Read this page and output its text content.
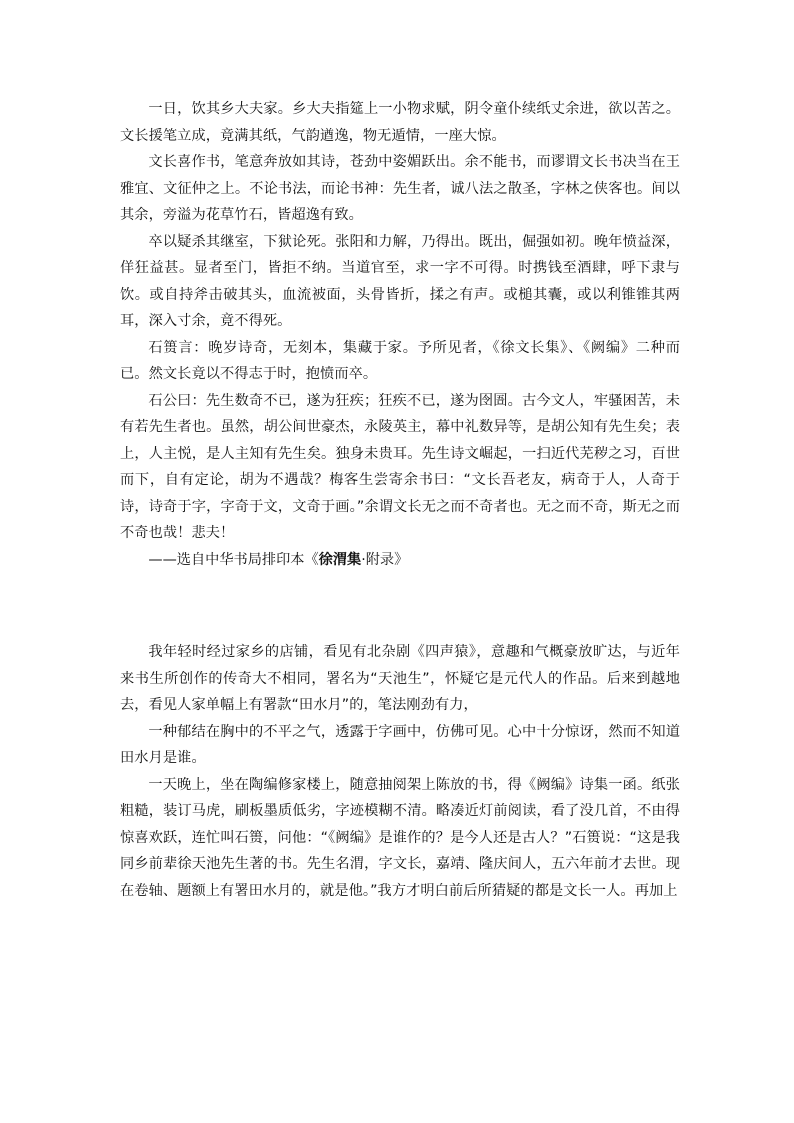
一日，饮其乡大夫家。乡大夫指筵上一小物求赋，阴令童仆续纸丈余进，欲以苦之。文长援笔立成，竟满其纸，气韵遒逸，物无遁情，一座大惊。

文长喜作书，笔意奔放如其诗，苍劲中姿媚跃出。余不能书，而谬谓文长书决当在王雅宜、文征仲之上。不论书法，而论书神：先生者，诚八法之散圣，字林之侠客也。间以其余，旁溢为花草竹石，皆超逸有致。

卒以疑杀其继室，下狱论死。张阳和力解，乃得出。既出，倔强如初。晚年愤益深，佯狂益甚。显者至门，皆拒不纳。当道官至，求一字不可得。时携钱至酒肆，呼下隶与饮。或自持斧击破其头，血流被面，头骨皆折，揉之有声。或槌其囊，或以利锥锥其两耳，深入寸余，竟不得死。

石篑言：晚岁诗奇，无刻本，集藏于家。予所见者，《徐文长集》、《阙编》二种而已。然文长竟以不得志于时，抱愤而卒。

石公曰：先生数奇不已，遂为狂疾；狂疾不已，遂为囹圄。古今文人，牢骚困苦，未有若先生者也。虽然，胡公间世豪杰，永陵英主，幕中礼数异等，是胡公知有先生矣；表上，人主悦，是人主知有先生矣。独身未贵耳。先生诗文崛起，一扫近代芜秽之习，百世而下，自有定论，胡为不遇哉？梅客生尝寄余书曰：“文长吾老友，病奇于人，人奇于诗，诗奇于字，字奇于文，文奇于画。”余谓文长无之而不奇者也。无之而不奇，斯无之而不奇也哉！悲夫！

——选自中华书局排印本《徐渭集·附录》

我年轻时经过家乡的店铺，看见有北杂剧《四声猿》，意趣和气概豪放旷达，与近年来书生所创作的传奇大不相同，署名为“天池生”，怀疑它是元代人的作品。后来到越地去，看见人家单幅上有署款“田水月”的，笔法刚劲有力，

一种郁结在胸中的不平之气，透露于字画中，仿佛可见。心中十分惊讶，然而不知道田水月是谁。

一天晚上，坐在陶编修家楼上，随意抽阅架上陈放的书，得《阙编》诗集一函。纸张粗糙，装订马虎，刷板墨质低劣，字迹模糊不清。略凑近灯前阅读，看了没几首，不由得惊喜欢跃，连忙叫石篑，问他：“《阙编》是谁作的？是今人还是古人？”石篑说：“这是我同乡前辈徐天池先生著的书。先生名渭，字文长，嘉靖、隆庆间人，五六年前才去世。现在卷轴、题额上有署田水月的，就是他。”我方才明白前后所猜疑的都是文长一人。再加上
